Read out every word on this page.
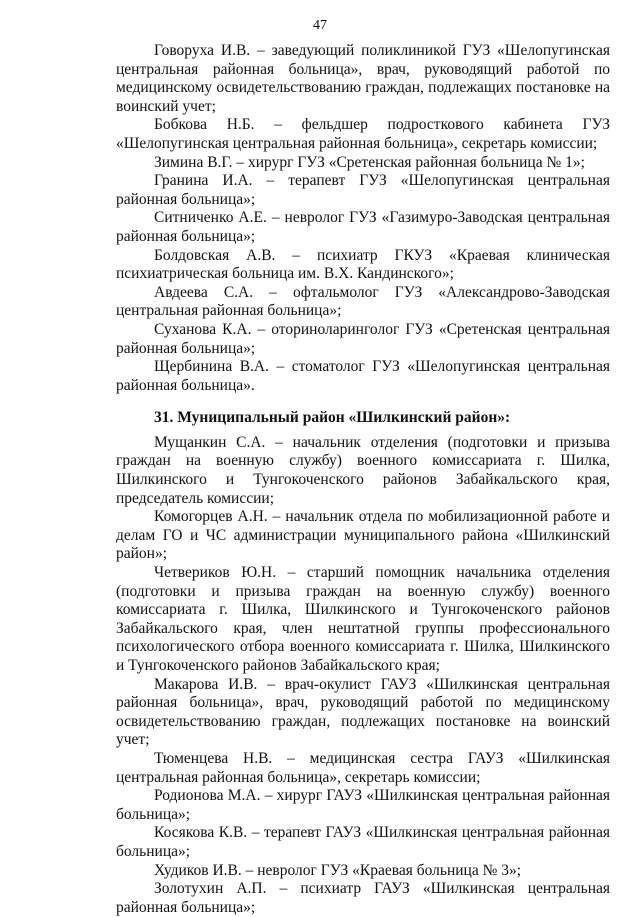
47

Говоруха И.В. – заведующий поликлиникой ГУЗ «Шелопугинская центральная районная больница», врач, руководящий работой по медицинскому освидетельствованию граждан, подлежащих постановке на воинский учет;

Бобкова Н.Б. – фельдшер подросткового кабинета ГУЗ «Шелопугинская центральная районная больница», секретарь комиссии;

Зимина В.Г. – хирург ГУЗ «Сретенская районная больница № 1»;

Гранина И.А. – терапевт ГУЗ «Шелопугинская центральная районная больница»;

Ситниченко А.Е. – невролог ГУЗ «Газимуро-Заводская центральная районная больница»;

Болдовская А.В. – психиатр ГКУЗ «Краевая клиническая психиатрическая больница им. В.Х. Кандинского»;

Авдеева С.А. – офтальмолог ГУЗ «Александрово-Заводская центральная районная больница»;

Суханова К.А. – оториноларинголог ГУЗ «Сретенская центральная районная больница»;

Щербинина В.А. – стоматолог ГУЗ «Шелопугинская центральная районная больница».

31. Муниципальный район «Шилкинский район»:

Мущанкин С.А. – начальник отделения (подготовки и призыва граждан на военную службу) военного комиссариата г. Шилка, Шилкинского и Тунгокоченского районов Забайкальского края, председатель комиссии;

Комогорцев А.Н. – начальник отдела по мобилизационной работе и делам ГО и ЧС администрации муниципального района «Шилкинский район»;

Четвериков Ю.Н. – старший помощник начальника отделения (подготовки и призыва граждан на военную службу) военного комиссариата г. Шилка, Шилкинского и Тунгокоченского районов Забайкальского края, член нештатной группы профессионального психологического отбора военного комиссариата г. Шилка, Шилкинского и Тунгокоченского районов Забайкальского края;

Макарова И.В. – врач-окулист ГАУЗ «Шилкинская центральная районная больница», врач, руководящий работой по медицинскому освидетельствованию граждан, подлежащих постановке на воинский учет;

Тюменцева Н.В. – медицинская сестра ГАУЗ «Шилкинская центральная районная больница», секретарь комиссии;

Родионова М.А. – хирург ГАУЗ «Шилкинская центральная районная больница»;

Косякова К.В. – терапевт ГАУЗ «Шилкинская центральная районная больница»;

Худиков И.В. – невролог ГУЗ «Краевая больница № 3»;

Золотухин А.П. – психиатр ГАУЗ «Шилкинская центральная районная больница»;
